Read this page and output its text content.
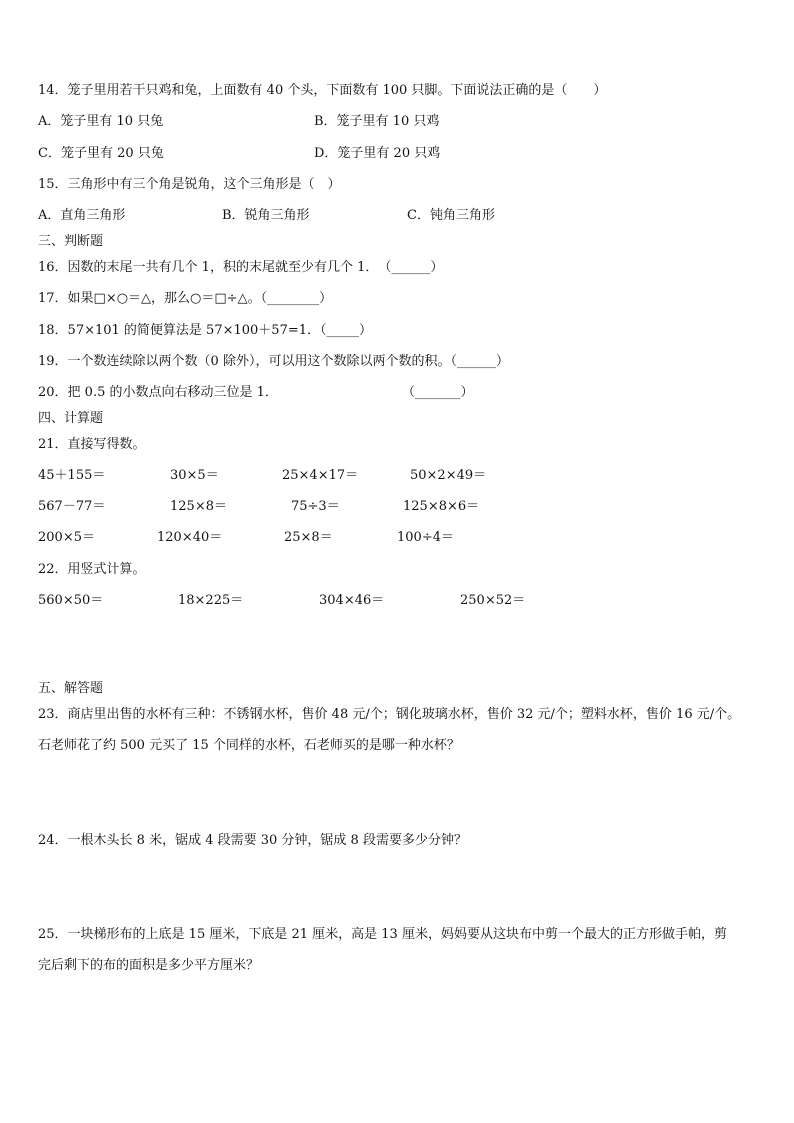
14．笼子里用若干只鸡和兔，上面数有 40 个头，下面数有 100 只脚。下面说法正确的是（　　）
A．笼子里有 10 只兔	B．笼子里有 10 只鸡
C．笼子里有 20 只兔	D．笼子里有 20 只鸡
15．三角形中有三个角是锐角，这个三角形是（　）
A．直角三角形	B．锐角三角形	C．钝角三角形
三、判断题
16．因数的末尾一共有几个 1，积的末尾就至少有几个 1．　（______）
17．如果□×○＝△，那么○＝□÷△。（________）
18．57×101 的简便算法是 57×100＋57=1．（_____）
19．一个数连续除以两个数（0 除外），可以用这个数除以两个数的积。（______）
20．把 0.5 的小数点向右移动三位是 1．	（_______）
四、计算题
21．直接写得数。
45＋155＝	30×5＝	25×4×17＝	50×2×49＝
567－77＝	125×8＝	75÷3＝	125×8×6＝
200×5＝	120×40＝	25×8＝	100÷4＝
22．用竖式计算。
560×50＝	18×225＝	304×46＝	250×52＝
五、解答题
23．商店里出售的水杯有三种：不锈钢水杯，售价 48 元/个；钢化玻璃水杯，售价 32 元/个；塑料水杯，售价 16 元/个。
石老师花了约 500 元买了 15 个同样的水杯，石老师买的是哪一种水杯？
24．一根木头长 8 米，锯成 4 段需要 30 分钟，锯成 8 段需要多少分钟？
25．一块梯形布的上底是 15 厘米，下底是 21 厘米，高是 13 厘米，妈妈要从这块布中剪一个最大的正方形做手帕，剪
完后剩下的布的面积是多少平方厘米？
